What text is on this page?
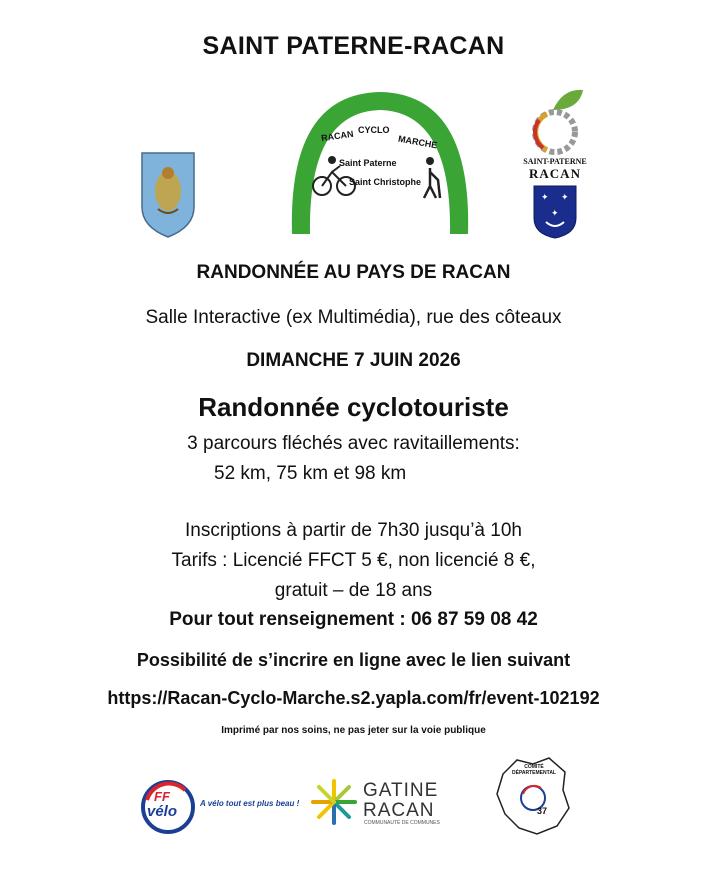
SAINT PATERNE-RACAN
RACAN CYCLO
MARCHE
Saint Paterne
Saint Christophe
SAINT-PATERNE
RACAN
✦ ✦
✦
RANDONNÉE AU PAYS DE RACAN
Salle Interactive (ex Multimédia), rue des côteaux
DIMANCHE 7 JUIN 2026
Randonnée cyclotouriste
3 parcours fléchés avec ravitaillements:
52 km, 75 km et 98 km
Inscriptions à partir de 7h30 jusqu’à 10h
Tarifs : Licencié FFCT 5 €, non licencié 8 €,
gratuit – de 18 ans
Pour tout renseignement : 06 87 59 08 42
Possibilité de s’incrire en ligne avec le lien suivant
https://Racan-Cyclo-Marche.s2.yapla.com/fr/event-102192
Imprimé par nos soins, ne pas jeter sur la voie publique
FF
vélo	A vélo tout est plus beau !
GATINE
RACAN
COMMUNAUTÉ DE COMMUNES
COMITÉ
DÉPARTEMENTAL
37
